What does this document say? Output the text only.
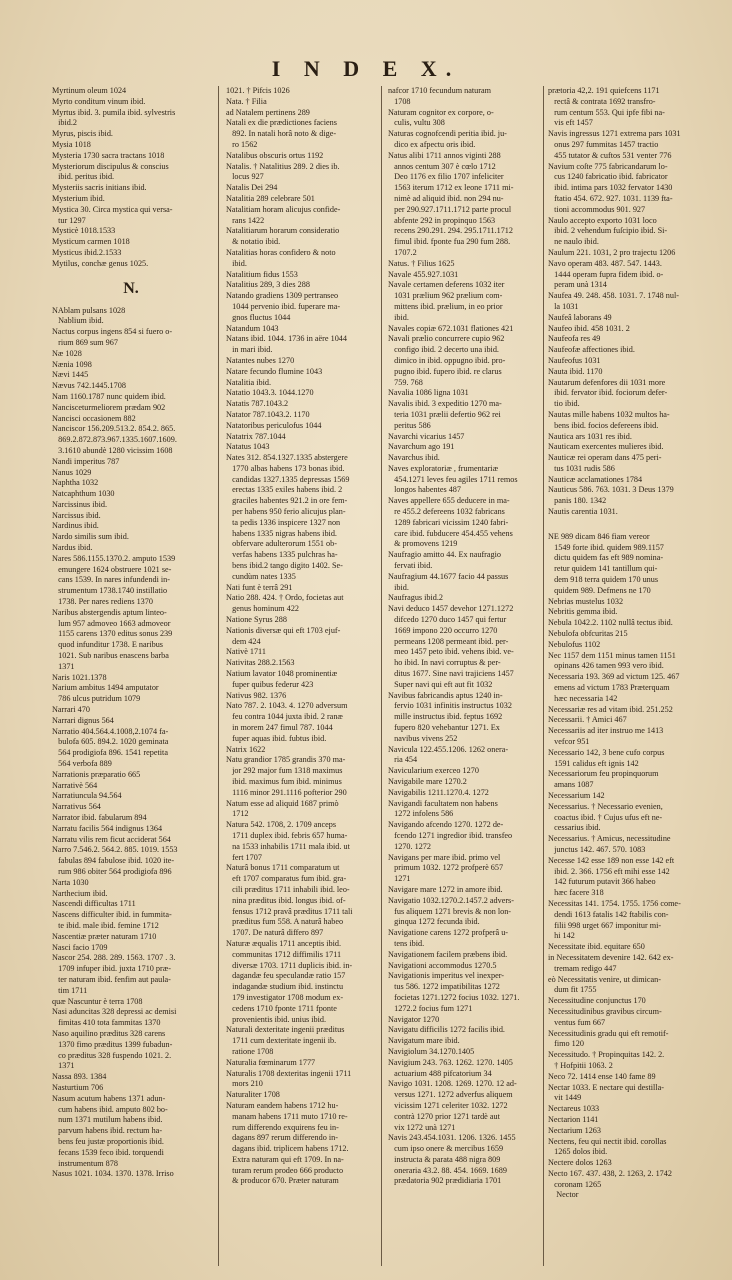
I N D E X.
Myrtinum oleum 1024
Myrto conditum vinum ibid.
Myrtus ibid. 3. pumila ibid. sylvestris
ibid.2
Myrus, piscis ibid.
Mysia 1018
Mysteria 1730 sacra tractans 1018
Mysteriorum discipulus & conscius
ibid. peritus ibid.
Mysteriis sacris initians ibid.
Mysterium ibid.
Mystica 30. Circa mystica qui versa-
tur 1297
Mysticè 1018.1533
Mysticum carmen 1018
Mysticus ibid.2.1533
Mytilus, conchæ genus 1025.
N.
NAblam pulsans 1028
Nablium ibid.
Nactus corpus ingens 854 si fuero o-
rium 869 sum 967
Næ 1028
Nænia 1098
Nævi 1445
Nævus 742.1445.1708
Nam 1160.1787 nunc quidem ibid.
Nancisceturmeliorem prædam 902
Nancisci occasionem 882
Nanciscor 156.209.513.2. 854.2. 865.
869.2.872.873.967.1335.1607.1609.
3.1610 abundè 1280 vicissim 1608
Nandi imperitus 787
Nanus 1029
Naphtha 1032
Natcaphthum 1030
Narcissinus ibid.
Narcissus ibid.
Nardinus ibid.
Nardo similis sum ibid.
Nardus ibid.
Nares 586.1155.1370.2. amputo 1539
emungere 1624 obstruere 1021 se-
cans 1539. In nares infundendi in-
strumentum 1738.1740 instillatio
1738. Per nares rediens 1370
Naribus abstergendis aptum linteo-
lum 957 admoveo 1663 admoveor
1155 carens 1370 editus sonus 239
quod infunditur 1738. E naribus
1021. Sub naribus enascens barba
1371
Naris 1021.1378
Narium ambitus 1494 amputator
786 ulcus putridum 1079
Narrari 470
Narrari dignus 564
Narratio 404.564.4.1008,2.1074 fa-
bulofa 605. 894.2. 1020 geminata
564 prodigiofa 896. 1541 repetita
564 verbofa 889
Narrationis præparatio 665
Narrativè 564
Narratiuncula 94.564
Narrativus 564
Narrator ibid. fabularum 894
Narratu facilis 564 indignus 1364
Narratu vilis rem ficut acciderat 564
Narro 7.546.2. 564.2. 885. 1019. 1553
fabulas 894 fabulose ibid. 1020 ite-
rum 986 obiter 564 prodigiofa 896
Narta 1030
Narthecium ibid.
Nascendi difficultas 1711
Nascens difficulter ibid. in fummita-
te ibid. male ibid. femine 1712
Nascentiæ præter naturam 1710
Nasci facio 1709
Nascor 254. 288. 289. 1563. 1707 . 3.
1709 infuper ibid. juxta 1710 præ-
ter naturam ibid. fenfim aut paula-
tim 1711
quæ Nascuntur è terra 1708
Nasi aduncitas 328 depressi ac demisi
fimitas 410 tota fammitas 1370
Naso aquilino præditus 328 carens
1370 fimo præditus 1399 fubadun-
co præditus 328 fuspendo 1021. 2.
1371
Nassa 893. 1384
Nasturtium 706
Nasum acutum habens 1371 adun-
cum habens ibid. amputo 802 bo-
num 1371 mutilum habens ibid.
parvum habens ibid. rectum ha-
bens feu justæ proportionis ibid.
fecans 1539 feco ibid. torquendi
instrumentum 878
Nasus 1021. 1034. 1370. 1378. Irriso
1021. † Pifcis 1026
Nata. † Filia
ad Natalem pertinens 289
Natali ex die prædictiones faciens
892. In natali horâ noto & dige-
ro 1562
Natalibus obscuris ortus 1192
Natalis. † Natalitius 289. 2 dies ib.
locus 927
Natalis Dei 294
Natalitia 289 celebrare 501
Natalitiam horam alicujus confide-
rans 1422
Natalitiarum horarum consideratio
& notatio ibid.
Natalitias horas confidero & noto
ibid.
Natalitium fidus 1553
Natalitius 289, 3 dies 288
Natando gradiens 1309 pertranseo
1044 pervenio ibid. fuperare ma-
gnos fluctus 1044
Natandum 1043
Natans ibid. 1044. 1736 in aëre 1044
in mari ibid.
Natantes nubes 1270
Natare fecundo flumine 1043
Natalitia ibid.
Natatio 1043.3. 1044.1270
Natatis 787.1043.2
Natator 787.1043.2. 1170
Natatoribus periculofus 1044
Natatrix 787.1044
Natatus 1043
Nates 312. 854.1327.1335 abstergere
1770 albas habens 173 bonas ibid.
candidas 1327.1335 depressas 1569
erectas 1335 exiles habens ibid. 2
graciles habentes 921.2 in ore fem-
per habens 950 ferio alicujus plan-
ta pedis 1336 inspicere 1327 non
habens 1335 nigras habens ibid.
obfervare adulterorum 1551 ob-
verfas habens 1335 pulchras ha-
bens ibid.2 tango digito 1402. Se-
cundùm nates 1335
Nati funt è terrâ 291
Natio 288. 424. † Ordo, focietas aut
genus hominum 422
Natione Syrus 288
Nationis diversæ qui eft 1703 ejuf-
dem 424
Nativè 1711
Nativitas 288.2.1563
Natium lavator 1048 prominentiæ
fuper quibus federur 423
Nativus 982. 1376
Nato 787. 2. 1043. 4. 1270 adversum
feu contra 1044 juxta ibid. 2 ranæ
in morem 247 fimul 787. 1044
fuper aquas ibid. fubtus ibid.
Natrix 1622
Natu grandior 1785 grandis 370 ma-
jor 292 major fum 1318 maximus
ibid. maximus fum ibid. minimus
1116 minor 291.1116 pofterior 290
Natum esse ad aliquid 1687 primò
1712
Natura 542. 1708, 2. 1709 anceps
1711 duplex ibid. febris 657 huma-
na 1533 inhabilis 1711 mala ibid. ut
fert 1707
Naturâ bonus 1711 comparatum ut
eft 1707 comparatus fum ibid. gra-
cili præditus 1711 inhabili ibid. leo-
nina præditus ibid. longus ibid. of-
fensus 1712 pravâ præditus 1711 tali
præditus fum 558. A naturâ habeo
1707. De naturâ differo 897
Naturæ æqualis 1711 anceptis ibid.
communitas 1712 diffimilis 1711
diversæ 1703. 1711 duplicis ibid. in-
dagandæ feu speculandæ ratio 157
indagandæ studium ibid. instinctu
179 investigator 1708 modum ex-
cedens 1710 fponte 1711 fponte
provenientis ibid. unius ibid.
Naturali dexteritate ingenii præditus
1711 cum dexteritate ingenii ib.
ratione 1708
Naturalia fœminarum 1777
Naturalis 1708 dexteritas ingenii 1711
mors 210
Naturaliter 1708
Naturam eandem habens 1712 hu-
manam habens 1711 muto 1710 re-
rum differendo exquirens feu in-
dagans 897 rerum differendo in-
dagans ibid. triplicem habens 1712.
Extra naturam qui eft 1709. In na-
turam rerum prodeo 666 producto
& producor 670. Præter naturam
nafcor 1710 fecundum naturam
1708
Naturam cognitor ex corpore, o-
culis, vultu 308
Naturas cognofcendi peritia ibid. ju-
dico ex afpectu oris ibid.
Natus alibi 1711 annos viginti 288
annos centum 307 è cœlo 1712
Deo 1176 ex filio 1707 infeliciter
1563 iterum 1712 ex leone 1711 mi-
nimè ad aliquid ibid. non 294 nu-
per 290.927.1711.1712 parte procul
abfente 292 in propinquo 1563
recens 290.291. 294. 295.1711.1712
fimul ibid. fponte fua 290 fum 288.
1707.2
Natus. † Filius 1625
Navale 455.927.1031
Navale certamen deferens 1032 iter
1031 prælium 962 prælium com-
mittens ibid. prælium, in eo prior
ibid.
Navales copiæ 672.1031 flationes 421
Navali prælio concurrere cupio 962
configo ibid. 2 decerto una ibid.
dimico in ibid. oppugno ibid. pro-
pugno ibid. fupero ibid. re clarus
759. 768
Navalia 1086 ligna 1031
Navalis ibid. 3 expeditio 1270 ma-
teria 1031 prælii defertio 962 rei
peritus 586
Navarchi vicarius 1457
Navarchum ago 191
Navarchus ibid.
Naves exploratoriæ , frumentariæ
454.1271 leves feu agiles 1711 remos
longos habentes 487
Naves appellere 655 deducere in ma-
re 455.2 defereens 1032 fabricans
1289 fabricari vicissim 1240 fabri-
care ibid. fubducere 454.455 vehens
& promovens 1219
Naufragio amitto 44. Ex naufragio
fervati ibid.
Naufragium 44.1677 facio 44 passus
ibid.
Naufragus ibid.2
Navi deduco 1457 devehor 1271.1272
difcedo 1270 duco 1457 qui fertur
1669 impono 220 occurro 1270
permeans 1208 permeant ibid. per-
meo 1457 peto ibid. vehens ibid. ve-
ho ibid. In navi corruptus & per-
ditus 1677. Sine navi trajiciens 1457
Super navi qui eft aut fit 1032
Navibus fabricandis aptus 1240 in-
fervio 1031 infinitis instructus 1032
mille instructus ibid. feptus 1692
fupero 820 vehebantur 1271. Ex
navibus vivens 252
Navicula 122.455.1206. 1262 onera-
ria 454
Navicularium exerceo 1270
Navigabile mare 1270.2
Navigabilis 1211.1270.4. 1272
Navigandi facultatem non habens
1272 infolens 586
Navigando afcendo 1270. 1272 de-
fcendo 1271 ingredior ibid. transfeo
1270. 1272
Navigans per mare ibid. primo vel
primum 1032. 1272 profperè 657
1271
Navigare mare 1272 in amore ibid.
Navigatio 1032.1270.2.1457.2 advers-
fus aliquem 1271 brevis & non lon-
ginqua 1272 fecunda ibid.
Navigatione carens 1272 profperâ u-
tens ibid.
Navigationem facilem præbens ibid.
Navigationi accommodus 1270.5
Navigationis imperitus vel inexper-
tus 586. 1272 impatibilitas 1272
focietas 1271.1272 focius 1032. 1271.
1272.2 focius fum 1271
Navigator 1270
Navigatu difficilis 1272 facilis ibid.
Navigatum mare ibid.
Navigiolum 34.1270.1405
Navigium 243. 763. 1262. 1270. 1405
actuarium 488 pifcatorium 34
Navigo 1031. 1208. 1269. 1270. 12 ad-
versus 1271. 1272 adverfus aliquem
vicissim 1271 celeriter 1032. 1272
contrà 1270 prior 1271 tardè aut
vix 1272 unà 1271
Navis 243.454.1031. 1206. 1326. 1455
cum ipso onere & mercibus 1659
instructa & parata 488 nigra 809
oneraria 43.2. 88. 454. 1669. 1689
prædatoria 902 prædidiaria 1701
prætoria 42,2. 191 quiefcens 1171
rectâ & contrata 1692 transfro-
rum centum 553. Qui ipfe fibi na-
vis eft 1457
Navis ingressus 1271 extrema pars 1031
onus 297 fummitas 1457 tractio
455 tutator & cuftos 531 venter 776
Navium coſte 775 fabricandarum lo-
cus 1240 fabricatio ibid. fabricator
ibid. intima pars 1032 fervator 1430
ftatio 454. 672. 927. 1031. 1139 fta-
tioni accommodus 901. 927
Naulo accepto exporto 1031 loco
ibid. 2 vehendum fuſcipio ibid. Si-
ne naulo ibid.
Naulum 221. 1031, 2 pro trajectu 1206
Navo operam 483. 487. 547. 1443.
1444 operam fupra fidem ibid. o-
peram unà 1314
Naufea 49. 248. 458. 1031. 7. 1748 nul-
la 1031
Naufeâ laborans 49
Naufeo ibid. 458 1031. 2
Naufeofa res 49
Naufeofæ affectiones ibid.
Naufeofus 1031
Nauta ibid. 1170
Nautarum defenfores dii 1031 more
ibid. fervator ibid. fociorum defer-
tio ibid.
Nautas mille habens 1032 multos ha-
bens ibid. focios defereens ibid.
Nautica ars 1031 res ibid.
Nauticam exercentes mulieres ibid.
Nauticæ rei operam dans 475 peri-
tus 1031 rudis 586
Nauticæ acclamationes 1784
Nauticus 586. 763. 1031. 3 Deus 1379
panis 180. 1342
Nautis carentia 1031.
NE 989 dicam 846 fiam vereor
1549 forte ibid. quidem 989.1157
dictu quidem fas eft 989 nomina-
retur quidem 141 tantillum qui-
dem 918 terra quidem 170 unus
quidem 989. Defmens ne 170
Nebrias mustelus 1032
Nebritis gemma ibid.
Nebula 1042.2. 1102 nullâ tectus ibid.
Nebulofa obfcuritas 215
Nebulofus 1102
Nec 1157 dem 1151 minus tamen 1151
opinans 426 tamen 993 vero ibid.
Necessaria 193. 369 ad victum 125. 467
emens ad victum 1783 Præterquam
hæc necessaria 142
Necessariæ res ad vitam ibid. 251.252
Necessarii. † Amici 467
Necessariis ad iter instruo me 1413
vefcor 951
Necessario 142, 3 bene cufo corpus
1591 calidus eft ignis 142
Necessariorum feu propinquorum
amans 1087
Necessarium 142
Necessarius. † Necessario evenien,
coactus ibid. † Cujus ufus eft ne-
cessarius ibid.
Necessarius. † Amicus, necessitudine
junctus 142. 467. 570. 1083
Necesse 142 esse 189 non esse 142 eft
ibid. 2. 366. 1756 eft mihi esse 142
142 futurum putavit 366 habeo
hæc facere 318
Necessitas 141. 1754. 1755. 1756 come-
dendi 1613 fatalis 142 ftabilis con-
filii 998 urget 667 imponitur mi-
hi 142
Necessitate ibid. equitare 650
in Necessitatem devenire 142. 642 ex-
tremam redigo 447
eò Necessitatis venire, ut dimican-
dum fit 1755
Necessitudine conjunctus 170
Necessitudinibus gravibus circum-
ventus fum 667
Necessitudinis gradu qui eft remotif-
fimo 120
Necessitudo. † Propinquitas 142. 2.
† Hofpitii 1063. 2
Neco 72. 1414 ense 140 fame 89
Nectar 1033. E nectare qui destilla-
vit 1449
Nectareus 1033
Nectarion 1141
Nectarium 1263
Nectens, feu qui nectit ibid. corollas
1265 dolos ibid.
Nectere dolos 1263
Necto 167. 437. 438, 2. 1263, 2. 1742
coronam 1265
Nector
